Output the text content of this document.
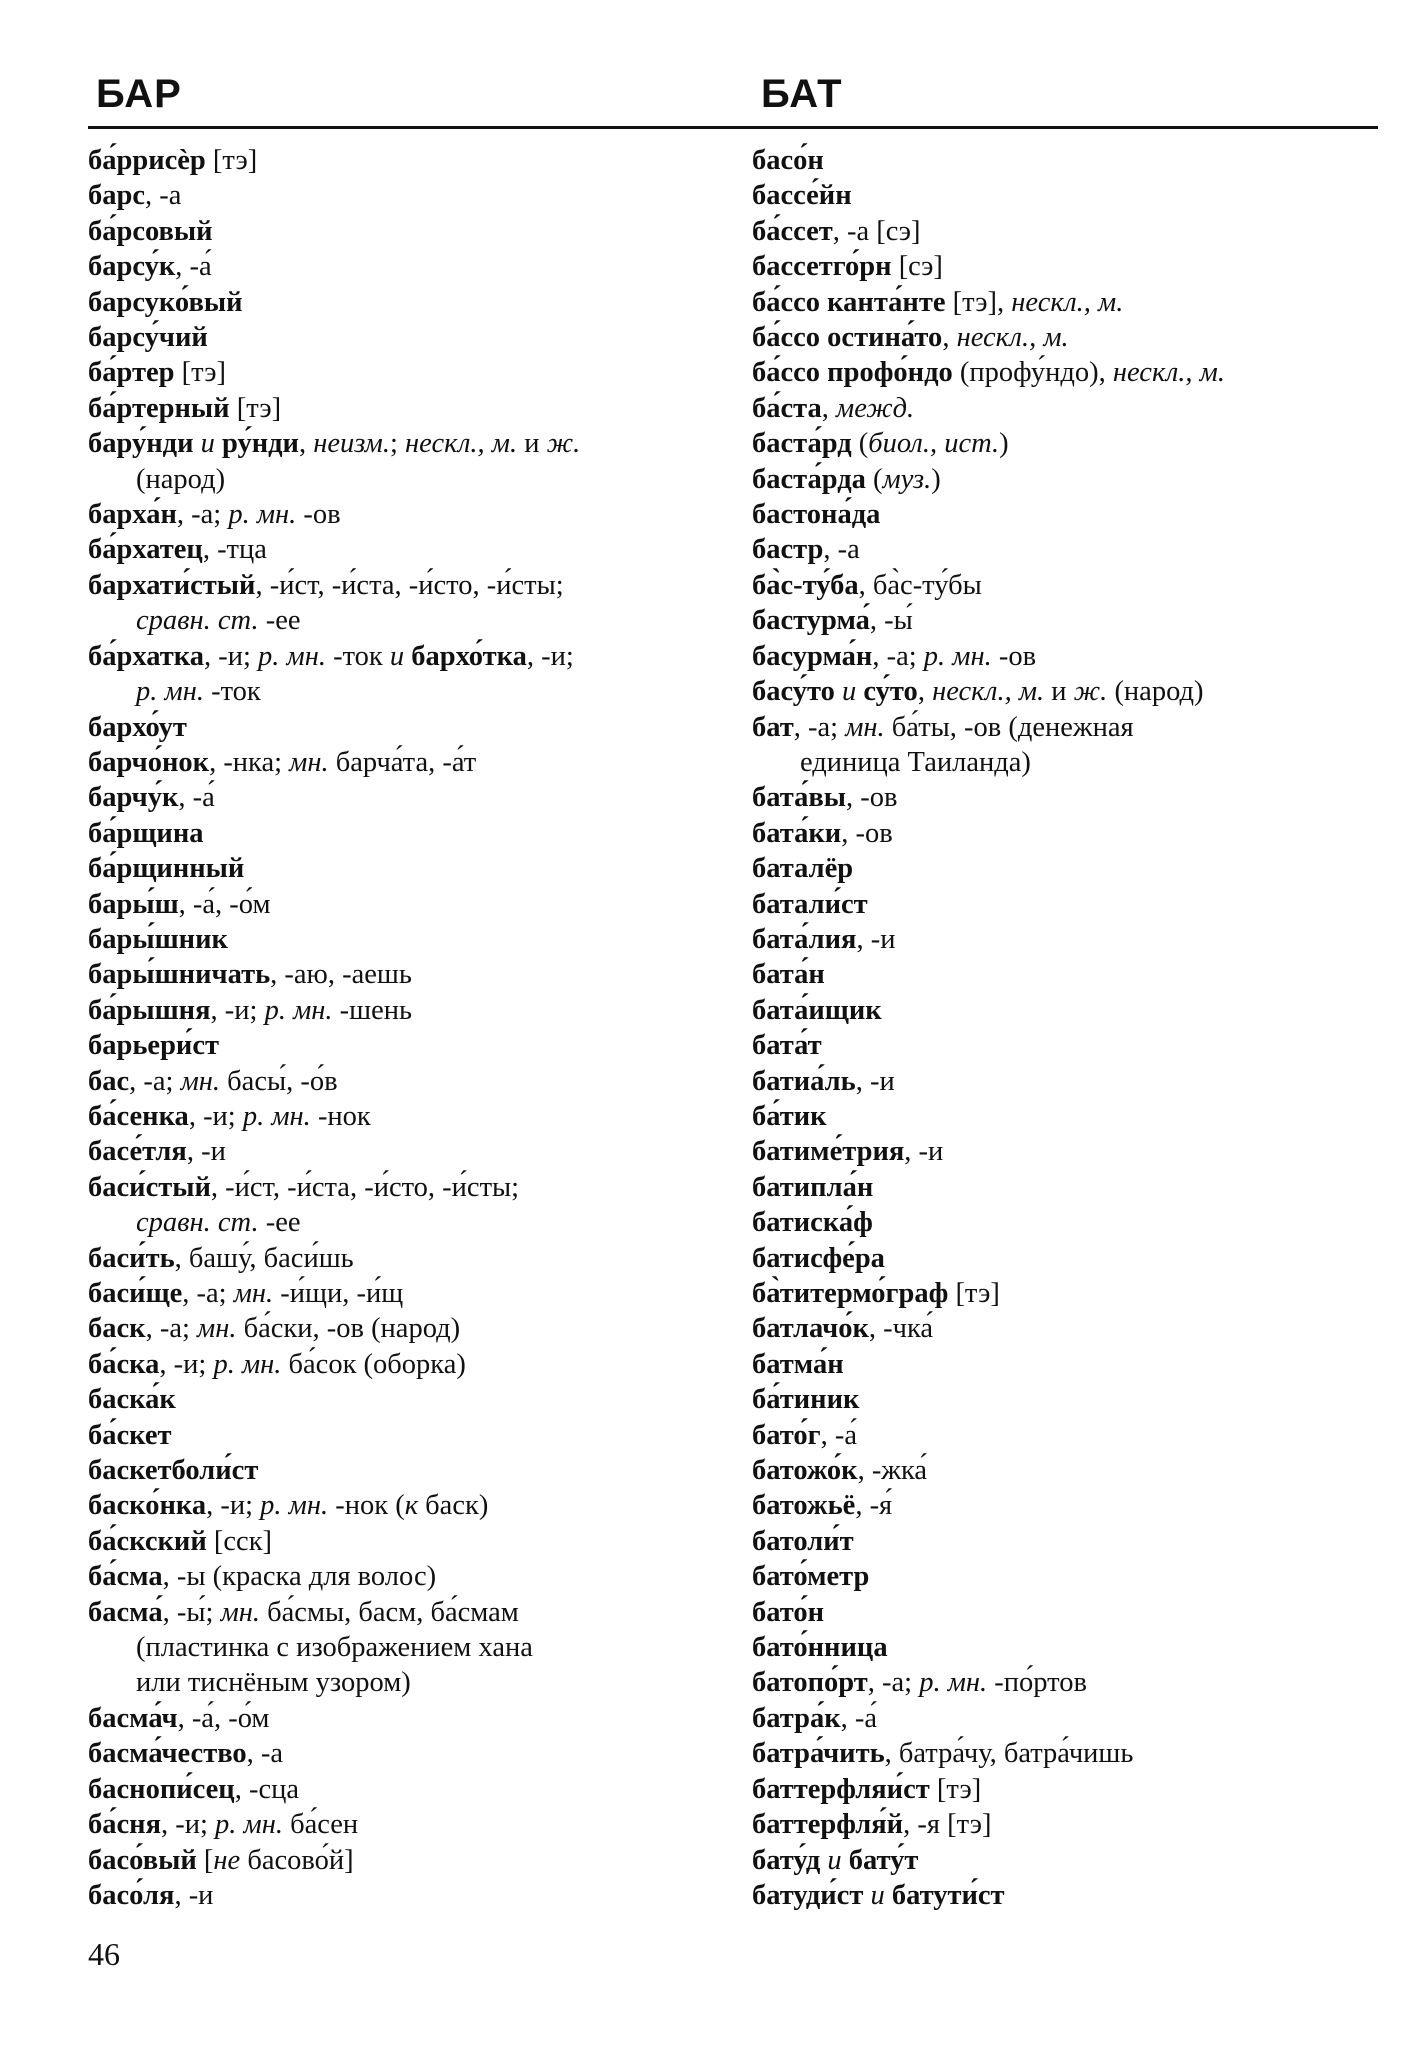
БАР	БАТ
ба́ррисѐр [тэ]
барс, -а
ба́рсовый
барсу́к, -а́
барсуко́вый
барсу́чий
ба́ртер [тэ]
ба́ртерный [тэ]
бару́нди и ру́нди, неизм.; нескл., м. и ж.
(народ)
барха́н, -а; р. мн. -ов
ба́рхатец, -тца
бархати́стый, -и́ст, -и́ста, -и́сто, -и́сты;
сравн. ст. -ее
ба́рхатка, -и; р. мн. -ток и бархо́тка, -и;
р. мн. -ток
бархо́ут
барчо́нок, -нка; мн. барча́та, -а́т
барчу́к, -а́
ба́рщина
ба́рщинный
бары́ш, -а́, -о́м
бары́шник
бары́шничать, -аю, -аешь
ба́рышня, -и; р. мн. -шень
барьери́ст
бас, -а; мн. басы́, -о́в
ба́сенка, -и; р. мн. -нок
басе́тля, -и
баси́стый, -и́ст, -и́ста, -и́сто, -и́сты;
сравн. ст. -ее
баси́ть, башу́, баси́шь
баси́ще, -а; мн. -и́щи, -и́щ
баск, -а; мн. ба́ски, -ов (народ)
ба́ска, -и; р. мн. ба́сок (оборка)
баска́к
ба́скет
баскетболи́ст
баско́нка, -и; р. мн. -нок (к баск)
ба́скский [сск]
ба́сма, -ы (краска для волос)
басма́, -ы́; мн. ба́смы, басм, ба́смам
(пластинка с изображением хана
или тиснёным узором)
басма́ч, -а́, -о́м
басма́чество, -а
баснопи́сец, -сца
ба́сня, -и; р. мн. ба́сен
басо́вый [не басово́й]
басо́ля, -и
басо́н
бассе́йн
ба́ссет, -а [сэ]
бассетго́рн [сэ]
ба́ссо канта́нте [тэ], нескл., м.
ба́ссо остина́то, нескл., м.
ба́ссо профо́ндо (профу́ндо), нескл., м.
ба́ста, межд.
баста́рд (биол., ист.)
баста́рда (муз.)
бастона́да
бастр, -а
ба̀с-ту́ба, ба̀с-ту́бы
бастурма́, -ы́
басурма́н, -а; р. мн. -ов
басу́то и су́то, нескл., м. и ж. (народ)
бат, -а; мн. ба́ты, -ов (денежная
единица Таиланда)
бата́вы, -ов
бата́ки, -ов
баталёр
батали́ст
бата́лия, -и
бата́н
бата́ищик
бата́т
батиа́ль, -и
ба́тик
батиме́трия, -и
батипла́н
батиска́ф
батисфе́ра
ба̀титермо́граф [тэ]
батлачо́к, -чка́
батма́н
ба́тиник
бато́г, -а́
батожо́к, -жка́
батожьё, -я́
батоли́т
бато́метр
бато́н
бато́нница
батопо́рт, -а; р. мн. -по́ртов
батра́к, -а́
батра́чить, батра́чу, батра́чишь
баттерфляи́ст [тэ]
баттерфля́й, -я [тэ]
бату́д и бату́т
батуди́ст и батути́ст
46
